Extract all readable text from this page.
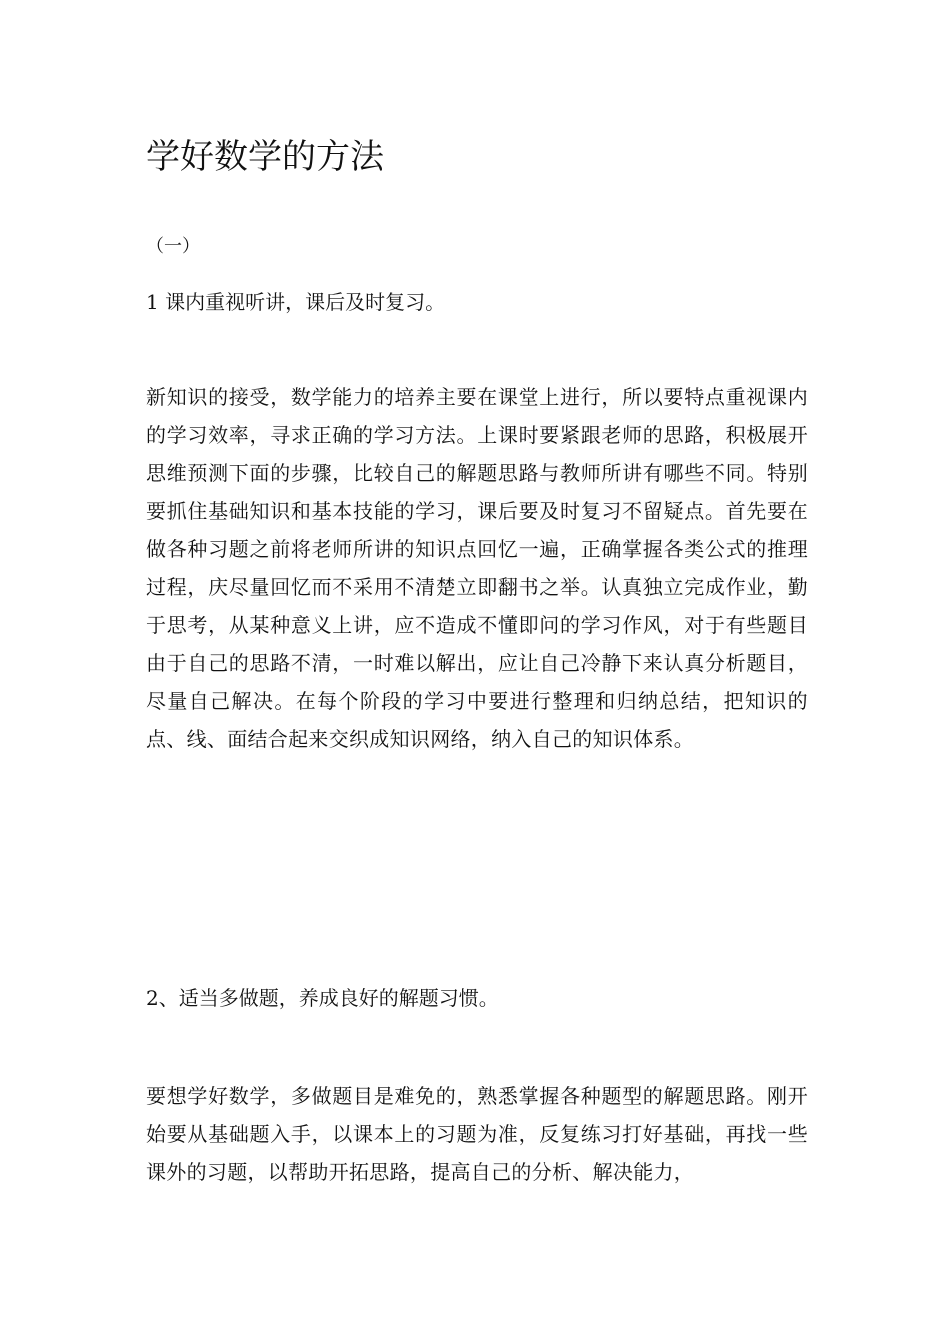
学好数学的方法
（一）
1 课内重视听讲，课后及时复习。

新知识的接受，数学能力的培养主要在课堂上进行，所以要特点重视课内的学习效率，寻求正确的学习方法。上课时要紧跟老师的思路，积极展开思维预测下面的步骤，比较自己的解题思路与教师所讲有哪些不同。特别要抓住基础知识和基本技能的学习，课后要及时复习不留疑点。首先要在做各种习题之前将老师所讲的知识点回忆一遍，正确掌握各类公式的推理过程，庆尽量回忆而不采用不清楚立即翻书之举。认真独立完成作业，勤于思考，从某种意义上讲，应不造成不懂即问的学习作风，对于有些题目由于自己的思路不清，一时难以解出，应让自己冷静下来认真分析题目，尽量自己解决。在每个阶段的学习中要进行整理和归纳总结，把知识的点、线、面结合起来交织成知识网络，纳入自己的知识体系。

2、适当多做题，养成良好的解题习惯。

要想学好数学，多做题目是难免的，熟悉掌握各种题型的解题思路。刚开始要从基础题入手，以课本上的习题为准，反复练习打好基础，再找一些课外的习题，以帮助开拓思路，提高自己的分析、解决能力，
